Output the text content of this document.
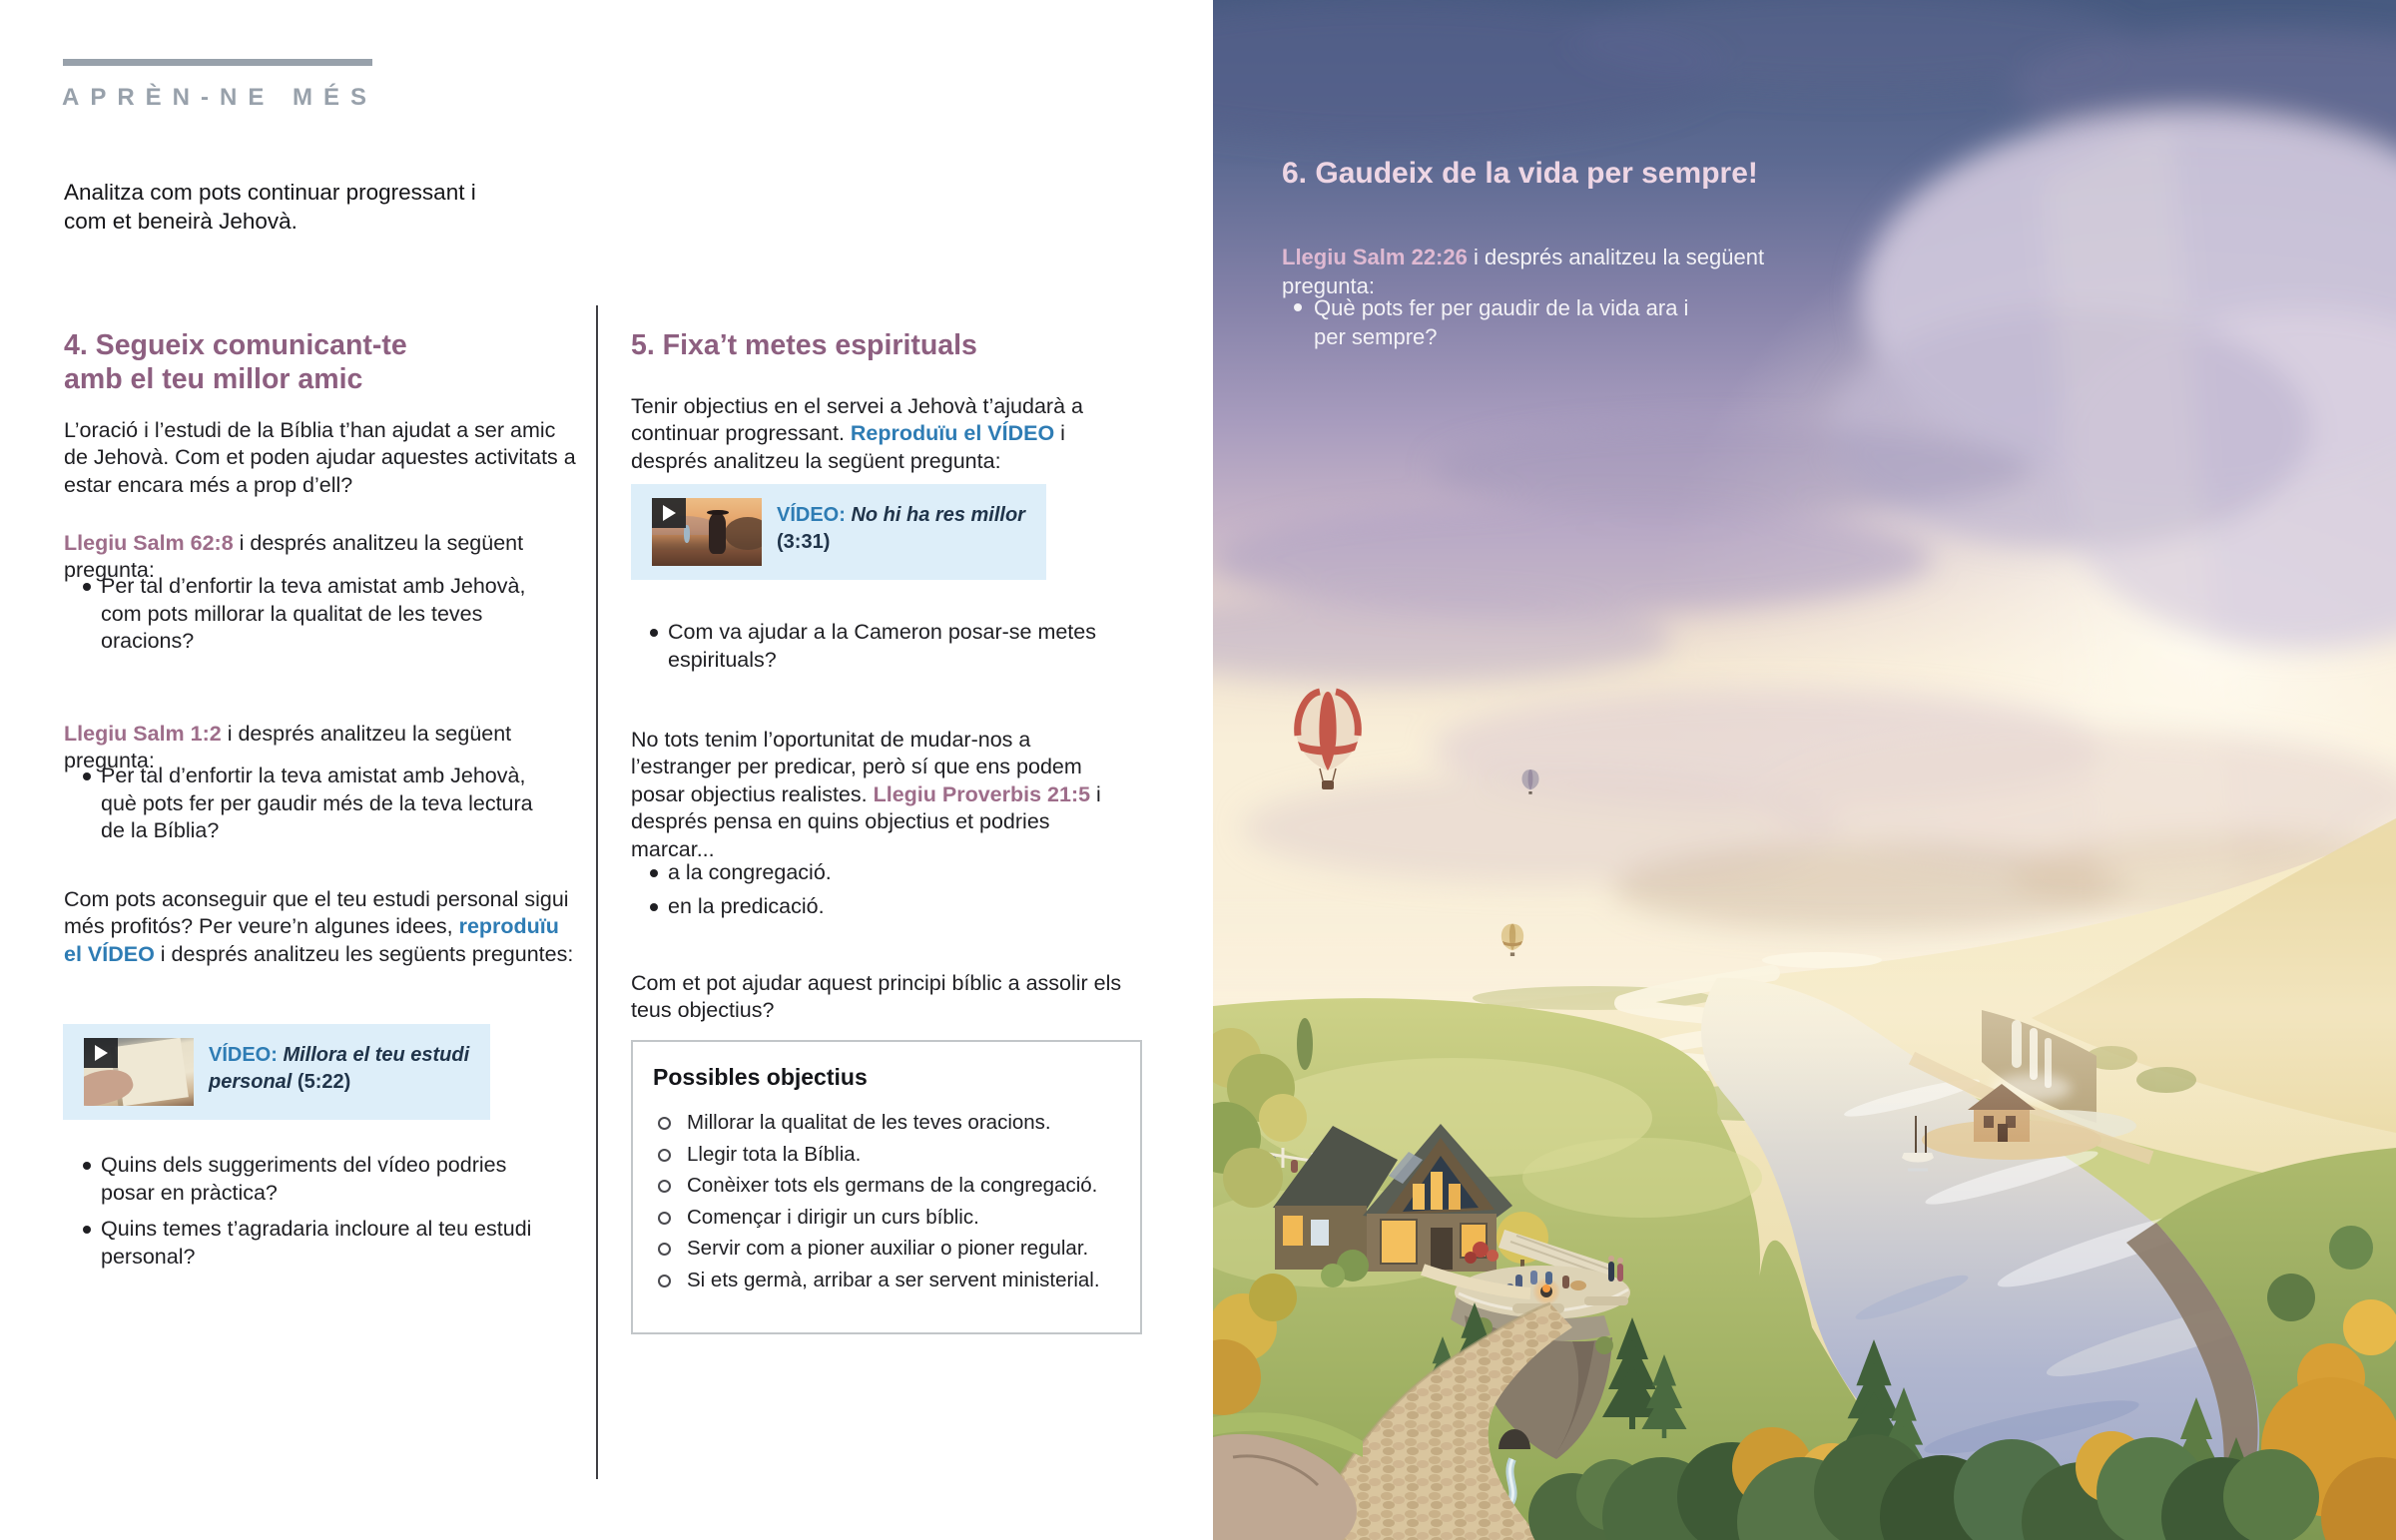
APRÈN-NE MÉS

Analitza com pots continuar progressant i com et beneirà Jehovà.

4. Segueix comunicant-te amb el teu millor amic

L’oració i l’estudi de la Bíblia t’han ajudat a ser amic de Jehovà. Com et poden ajudar aquestes activitats a estar encara més a prop d’ell?

Llegiu Salm 62:8 i després analitzeu la següent pregunta:

Per tal d’enfortir la teva amistat amb Jehovà, com pots millorar la qualitat de les teves oracions?

Llegiu Salm 1:2 i després analitzeu la següent pregunta:

Per tal d’enfortir la teva amistat amb Jehovà, què pots fer per gaudir més de la teva lectura de la Bíblia?

Com pots aconseguir que el teu estudi personal sigui més profitós? Per veure’n algunes idees, reproduïu el VÍDEO i després analitzeu les següents preguntes:

VÍDEO: Millora el teu estudi personal (5:22)
Quins dels suggeriments del vídeo podries posar en pràctica?
Quins temes t’agradaria incloure al teu estudi personal?
5. Fixa’t metes espirituals

Tenir objectius en el servei a Jehovà t’ajudarà a continuar progressant. Reproduïu el VÍDEO i després analitzeu la següent pregunta:

VÍDEO: No hi ha res millor (3:31)
Com va ajudar a la Cameron posar-se metes espirituals?

No tots tenim l’oportunitat de mudar-nos a l’estranger per predicar, però sí que ens podem posar objectius realistes. Llegiu Proverbis 21:5 i després pensa en quins objectius et podries marcar...

a la congregació.
en la predicació.

Com et pot ajudar aquest principi bíblic a assolir els teus objectius?

Possibles objectius

Millorar la qualitat de les teves oracions.
Llegir tota la Bíblia.
Conèixer tots els germans de la congregació.
Començar i dirigir un curs bíblic.
Servir com a pioner auxiliar o pioner regular.
Si ets germà, arribar a ser servent ministerial.
6. Gaudeix de la vida per sempre!

Llegiu Salm 22:26 i després analitzeu la següent pregunta:

Què pots fer per gaudir de la vida ara i per sempre?
